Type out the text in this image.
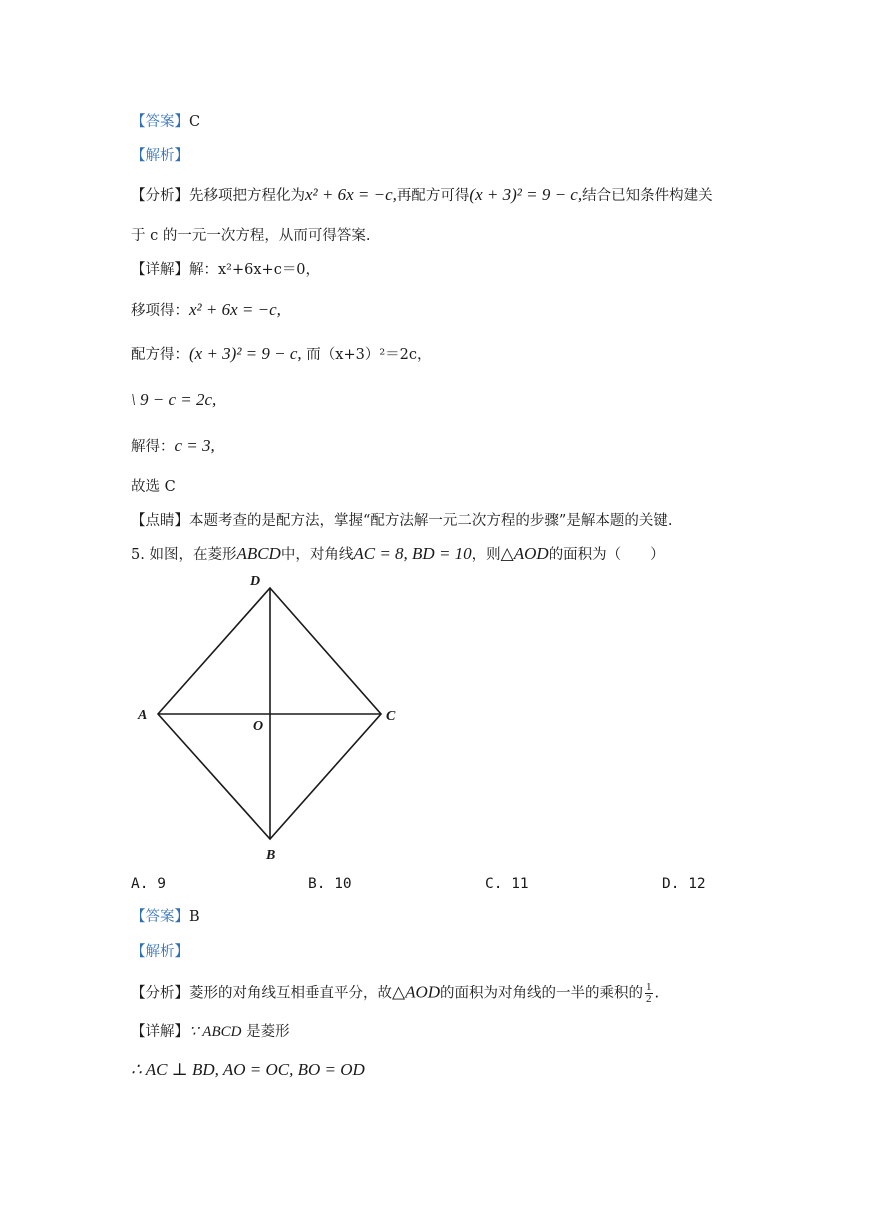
【答案】C
【解析】
【分析】先移项把方程化为x² + 6x = −c,再配方可得(x + 3)² = 9 − c,结合已知条件构建关
于 c 的一元一次方程，从而可得答案.
【详解】解：x²+6x+c＝0，
移项得：x² + 6x = −c,
配方得：(x + 3)² = 9 − c, 而（x+3）²＝2c，
\ 9 − c = 2c,
解得：c = 3,
故选 C
【点睛】本题考查的是配方法，掌握“配方法解一元二次方程的步骤”是解本题的关键.
5. 如图，在菱形ABCD中，对角线AC = 8, BD = 10，则△AOD的面积为（　　）
D
A	C
O
B
A. 9	B. 10	C. 11	D. 12
【答案】B
【解析】
【分析】菱形的对角线互相垂直平分，故△AOD的面积为对角线的一半的乘积的 $\frac{1}{2}$ .
【详解】∵ ABCD 是菱形
∴ AC ⊥ BD, AO = OC, BO = OD
